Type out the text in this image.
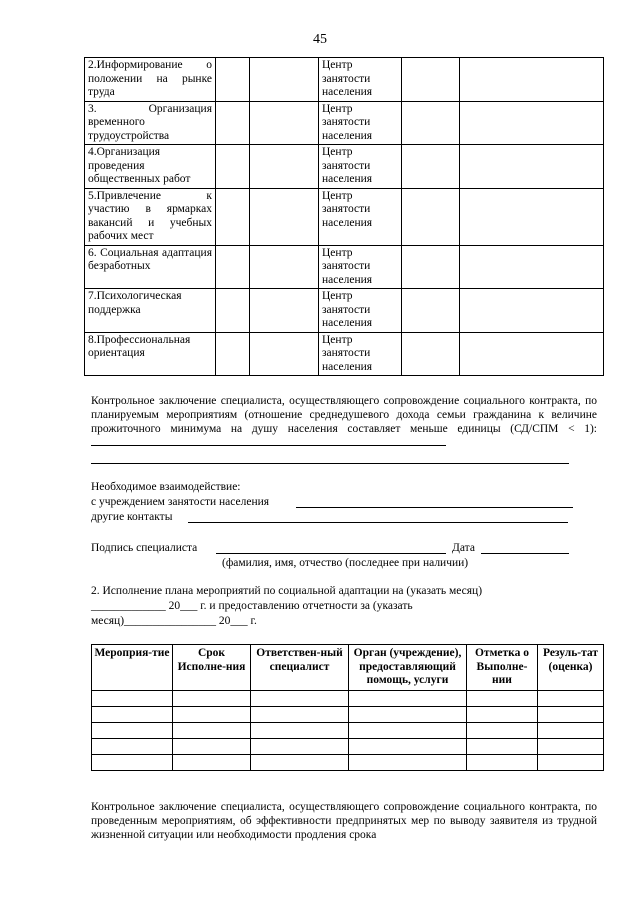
45
2.Информирование о положении на рынке труда			Центр занятости населения		
3. Организация временного трудоустройства			Центр занятости населения		
4.Организация проведения общественных работ			Центр занятости населения		
5.Привлечение к участию в ярмарках вакансий и учебных рабочих мест			Центр занятости населения		
6. Социальная адаптация безработных			Центр занятости населения		
7.Психологическая поддержка			Центр занятости населения		
8.Профессиональная ориентация			Центр занятости населения		
Контрольное заключение специалиста, осуществляющего сопровождение социального контракта, по планируемым мероприятиям (отношение среднедушевого дохода семьи гражданина к величине прожиточного минимума на душу населения составляет меньше единицы (СД/СПМ < 1):
Необходимое взаимодействие:
с учреждением занятости населения
другие контакты
Подпись специалиста	Дата
(фамилия, имя, отчество (последнее при наличии)
2. Исполнение плана мероприятий по социальной адаптации на (указать месяц)
_____________ 20___ г. и предоставлению отчетности за (указать
месяц)________________ 20___ г.
Мероприя-тие	Срок Исполне-ния	Ответствен-ный специалист	Орган (учреждение), предоставляющий помощь, услуги	Отметка о Выполне-нии	Резуль-тат (оценка)

Контрольное заключение специалиста, осуществляющего сопровождение социального контракта, по проведенным мероприятиям, об эффективности предпринятых мер по выводу заявителя из трудной жизненной ситуации или необходимости продления срока
